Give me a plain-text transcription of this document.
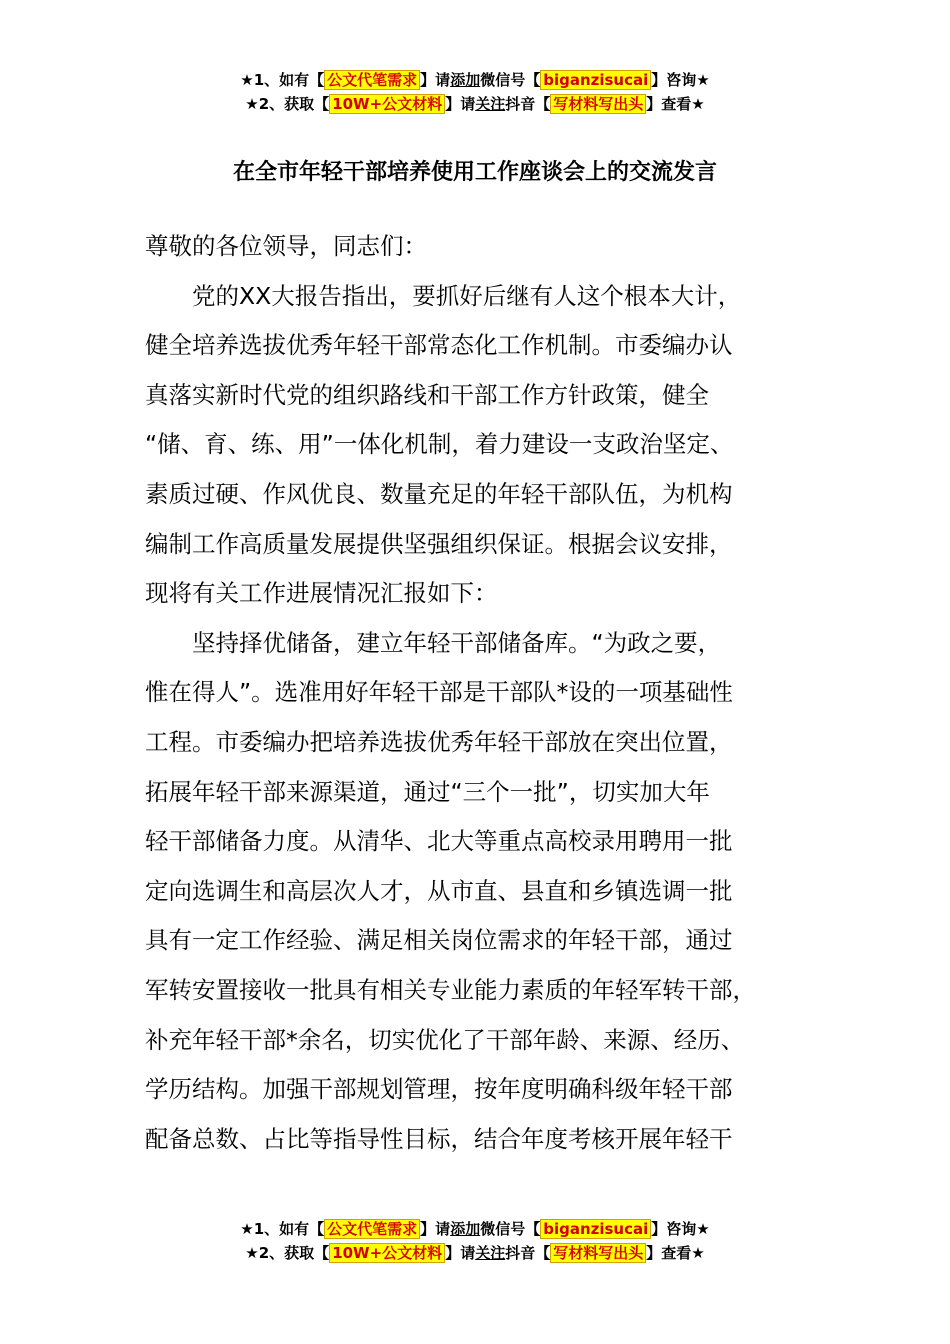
★1、如有【 公文代笔需求 】请添加微信号【 biganzisucai 】咨询★
★2、获取【 10W+公文材料 】请关注抖音【 写材料写出头 】查看★
在全市年轻干部培养使用工作座谈会上的交流发言
尊敬的各位领导，同志们：
　　党的XX大报告指出，要抓好后继有人这个根本大计，
健全培养选拔优秀年轻干部常态化工作机制。市委编办认
真落实新时代党的组织路线和干部工作方针政策，健全
“储、育、练、用”一体化机制，着力建设一支政治坚定、
素质过硬、作风优良、数量充足的年轻干部队伍，为机构
编制工作高质量发展提供坚强组织保证。根据会议安排，
现将有关工作进展情况汇报如下：
　　坚持择优储备，建立年轻干部储备库。“为政之要，
惟在得人”。选准用好年轻干部是干部队*设的一项基础性
工程。市委编办把培养选拔优秀年轻干部放在突出位置，
拓展年轻干部来源渠道，通过“三个一批”，切实加大年
轻干部储备力度。从清华、北大等重点高校录用聘用一批
定向选调生和高层次人才，从市直、县直和乡镇选调一批
具有一定工作经验、满足相关岗位需求的年轻干部，通过
军转安置接收一批具有相关专业能力素质的年轻军转干部，
补充年轻干部*余名，切实优化了干部年龄、来源、经历、
学历结构。加强干部规划管理，按年度明确科级年轻干部
配备总数、占比等指导性目标，结合年度考核开展年轻干
★1、如有【 公文代笔需求 】请添加微信号【 biganzisucai 】咨询★
★2、获取【 10W+公文材料 】请关注抖音【 写材料写出头 】查看★
